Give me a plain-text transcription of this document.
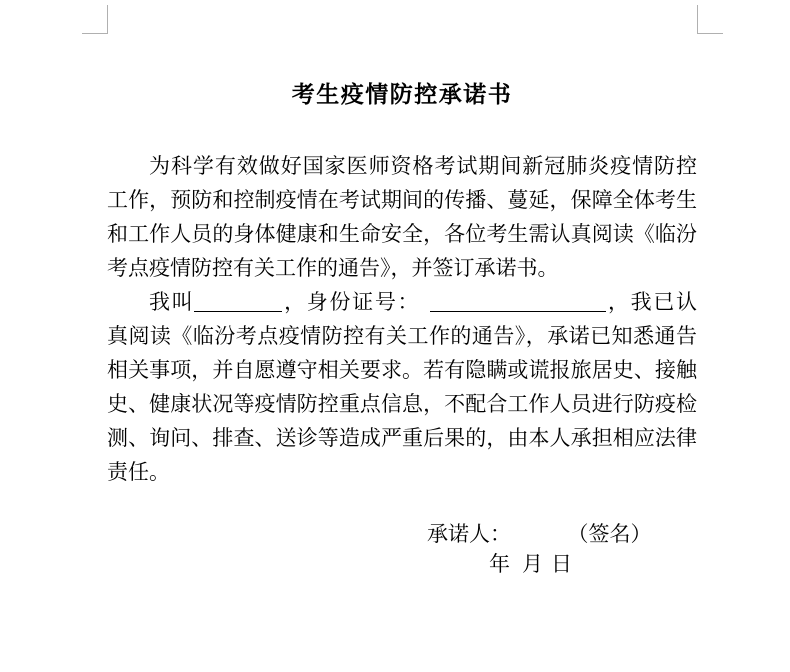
考生疫情防控承诺书
为科学有效做好国家医师资格考试期间新冠肺炎疫情防控
工作，预防和控制疫情在考试期间的传播、蔓延，保障全体考生
和工作人员的身体健康和生命安全，各位考生需认真阅读《临汾
考点疫情防控有关工作的通告》，并签订承诺书。
我叫	，身份证号：	，我已认
真阅读《临汾考点疫情防控有关工作的通告》，承诺已知悉通告
相关事项，并自愿遵守相关要求。若有隐瞒或谎报旅居史、接触
史、健康状况等疫情防控重点信息，不配合工作人员进行防疫检
测、询问、排查、送诊等造成严重后果的，由本人承担相应法律
责任。
承诺人：	（签名）
年 月 日
